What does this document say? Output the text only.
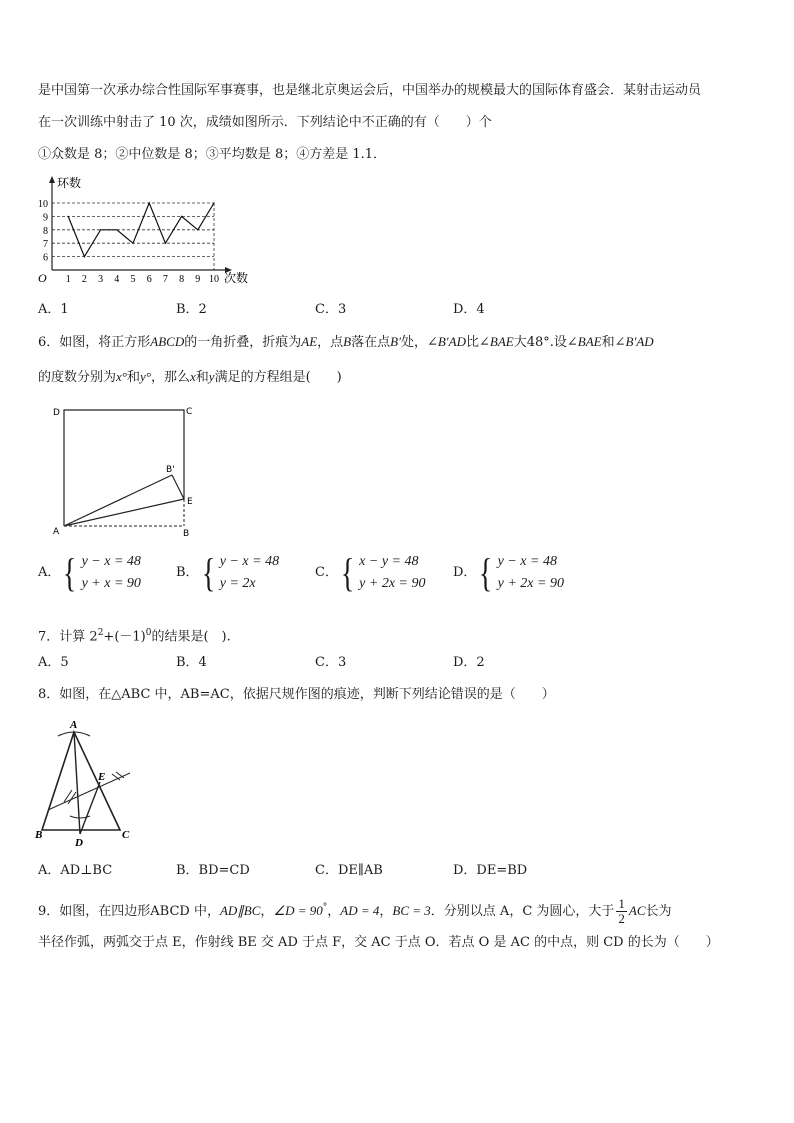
是中国第一次承办综合性国际军事赛事，也是继北京奥运会后，中国举办的规模最大的国际体育盛会．某射击运动员
在一次训练中射击了 10 次，成绩如图所示．下列结论中不正确的有（　　）个
①众数是 8；②中位数是 8；③平均数是 8；④方差是 1.1．
环数
次数
O
6
7
8
9
10
1 2 3 4 5 6 7 8 9 10
A．1	B．2	C．3	D．4
6．如图，将正方形ABCD的一角折叠，折痕为AE，点B落在点B′处，∠B′AD比∠BAE大48°.设∠BAE和∠B′AD
的度数分别为x°和y°，那么x和y满足的方程组是(　　)
D	C
B'
E
A	B
A． { y − x = 48
y + x = 90
B． { y − x = 48
y = 2x
C． { x − y = 48
y + 2x = 90
D． { y − x = 48
y + 2x = 90
7．计算 $2^2+(-1)^0$的结果是(　).
A．5	B．4	C．3	D．2
8．如图，在△ABC 中，AB=AC，依据尺规作图的痕迹，判断下列结论错误的是（　　）
A
E
B
D
C
A．AD⊥BC	B．BD=CD	C．DE∥AB	D．DE=BD
9．如图，在四边形ABCD 中，AD∥BC，∠D = 90°，AD = 4，BC = 3．分别以点 A，C 为圆心，大于 $\frac{1}{2}$ AC长为
半径作弧，两弧交于点 E，作射线 BE 交 AD 于点 F，交 AC 于点 O．若点 O 是 AC 的中点，则 CD 的长为（　　）
